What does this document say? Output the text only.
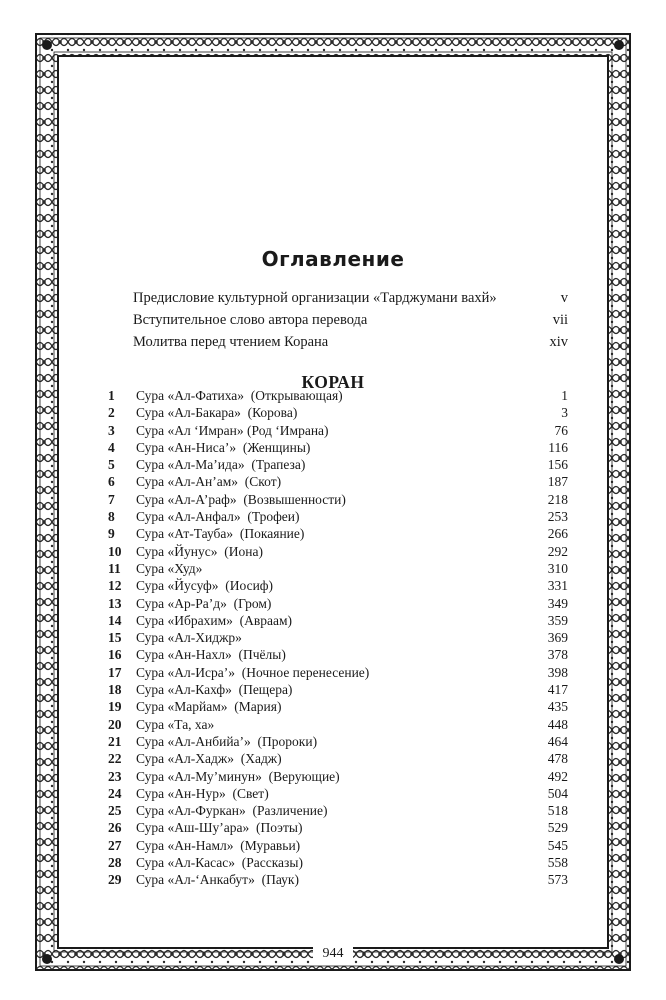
Оглавление
Предисловие культурной организации «Тарджумани вахй»	v
Вступительное слово автора перевода	vii
Молитва перед чтением Корана	xiv
КОРАН
1	Сура «Ал-Фатиха»  (Открывающая)	1
2	Сура «Ал-Бакара»  (Корова)	3
3	Сура «Ал ʻИмран» (Род ʻИмрана)	76
4	Сура «Ан-Ниса’»  (Женщины)	116
5	Сура «Ал-Ма’ида»  (Трапеза)	156
6	Сура «Ал-Ан’ам»  (Скот)	187
7	Сура «Ал-А’раф»  (Возвышенности)	218
8	Сура «Ал-Анфал»  (Трофеи)	253
9	Сура «Ат-Тауба»  (Покаяние)	266
10	Сура «Йунус»  (Иона)	292
11	Сура «Худ»	310
12	Сура «Йусуф»  (Иосиф)	331
13	Сура «Ар-Ра’д»  (Гром)	349
14	Сура «Ибрахим»  (Авраам)	359
15	Сура «Ал-Хиджр»	369
16	Сура «Ан-Нахл»  (Пчёлы)	378
17	Сура «Ал-Исра’»  (Ночное перенесение)	398
18	Сура «Ал-Кахф»  (Пещера)	417
19	Сура «Марйам»  (Мария)	435
20	Сура «Та, ха»	448
21	Сура «Ал-Анбийа’»  (Пророки)	464
22	Сура «Ал-Хадж»  (Хадж)	478
23	Сура «Ал-Му’минун»  (Верующие)	492
24	Сура «Ан-Нур»  (Свет)	504
25	Сура «Ал-Фуркан»  (Различение)	518
26	Сура «Аш-Шу’ара»  (Поэты)	529
27	Сура «Ан-Намл»  (Муравьи)	545
28	Сура «Ал-Касас»  (Рассказы)	558
29	Сура «Ал-ʻАнкабут»  (Паук)	573
944
